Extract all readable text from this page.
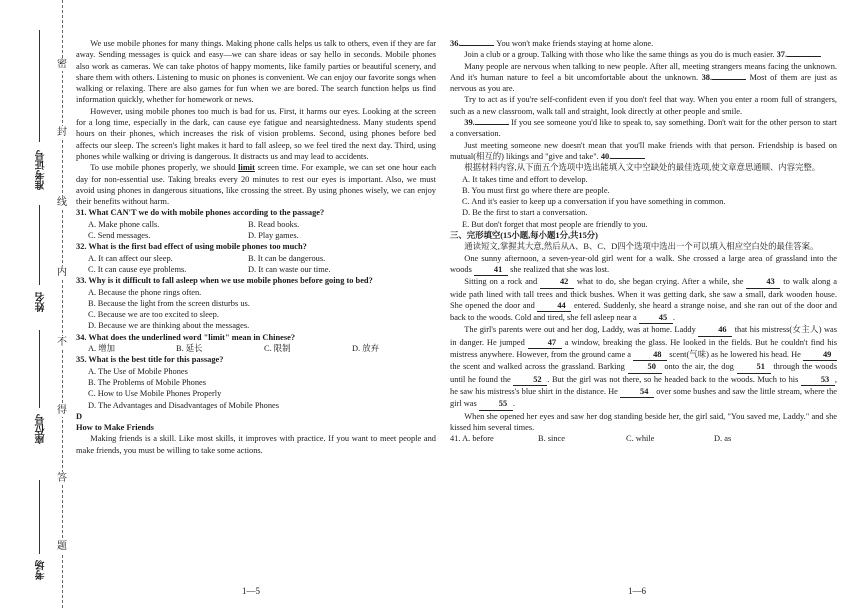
密
封
线
内
不
得
答
题
准考证号
姓名
座位号
考场

We use mobile phones for many things. Making phone calls helps us talk to others, even if they are far away. Sending messages is quick and easy—we can share ideas or say hello in seconds. Mobile phones also work as cameras. We can take photos of happy moments, like family parties or beautiful scenery, and share them with others. Listening to music on phones is convenient. We can enjoy our favorite songs when walking or relaxing. There are also games for fun when we are bored. The search function helps us find information quickly, whether for homework or news.

However, using mobile phones too much is bad for us. First, it harms our eyes. Looking at the screen for a long time, especially in the dark, can cause eye fatigue and nearsightedness. Many students spend hours on their phones, which increases the risk of vision problems. Second, using phones before bed affects our sleep. The screen's light makes it hard to fall asleep, so we feel tired the next day. Third, using phones while walking or driving is dangerous. It distracts us and may lead to accidents.

To use mobile phones properly, we should limit screen time. For example, we can set one hour each day for non-essential use. Taking breaks every 20 minutes to rest our eyes is important. Also, we must avoid using phones in dangerous situations, like crossing the street. By using phones wisely, we can enjoy their benefits without harm.

31. What CAN'T we do with mobile phones according to the passage?

A. Make phone calls.	B. Read books.
C. Send messages.	D. Play games.

32. What is the first bad effect of using mobile phones too much?

A. It can affect our sleep.	B. It can be dangerous.
C. It can cause eye problems.	D. It can waste our time.

33. Why is it difficult to fall asleep when we use mobile phones before going to bed?

A. Because the phone rings often.
B. Because the light from the screen disturbs us.
C. Because we are too excited to sleep.
D. Because we are thinking about the messages.

34. What does the underlined word "limit" mean in Chinese?

A. 增加	B. 延长	C. 限制	D. 放弃

35. What is the best title for this passage?

A. The Use of Mobile Phones
B. The Problems of Mobile Phones
C. How to Use Mobile Phones Properly
D. The Advantages and Disadvantages of Mobile Phones

D

How to Make Friends

Making friends is a skill. Like most skills, it improves with practice. If you want to meet people and make friends, you must be willing to take some actions.

36.	You won't make friends staying at home alone.

Join a club or a group. Talking with those who like the same things as you do is much easier. 37.

Many people are nervous when talking to new people. After all, meeting strangers means facing the unknown. And it's human nature to feel a bit uncomfortable about the unknown. 38.	Most of them are just as nervous as you are.

Try to act as if you're self-confident even if you don't feel that way. When you enter a room full of strangers, such as a new classroom, walk tall and straight, look directly at other people and smile.

39.	If you see someone you'd like to speak to, say something. Don't wait for the other person to start a conversation.

Just meeting someone new doesn't mean that you'll make friends with that person. Friendship is based on mutual(相互的) likings and "give and take". 40.

根据材料内容,从下面五个选项中选出能填入文中空缺处的最佳选项,使文章意思通顺、内容完整。

A. It takes time and effort to develop.
B. You must first go where there are people.
C. And it's easier to keep up a conversation if you have something in common.
D. Be the first to start a conversation.
E. But don't forget that most people are friendly to you.

三、完形填空(15小题,每小题1分,共15分)

通读短文,掌握其大意,然后从A、B、C、D四个选项中选出一个可以填入相应空白处的最佳答案。

One sunny afternoon, a seven-year-old girl went for a walk. She crossed a large area of grassland into the woods 41 she realized that she was lost.

Sitting on a rock and 42 what to do, she began crying. After a while, she 43 to walk along a wide path lined with tall trees and thick bushes. When it was getting dark, she saw a small, dark wooden house. She opened the door and 44 entered. Suddenly, she heard a strange noise, and she ran out of the door and back to the woods. Cold and tired, she fell asleep near a 45 .

The girl's parents were out and her dog, Laddy, was at home. Laddy 46 that his mistress(女主人) was in danger. He jumped 47 a window, breaking the glass. He looked in the fields. But he couldn't find his mistress anywhere. However, from the ground came a 48 scent(气味) as he lowered his head. He 49 the scent and walked across the grassland. Barking 50 onto the air, the dog 51 through the woods until he found the 52 . But the girl was not there, so he headed back to the woods. Much to his 53 , he saw his mistress's blue shirt in the distance. He 54 over some bushes and saw the little stream, where the girl was 55 .

When she opened her eyes and saw her dog standing beside her, the girl said, "You saved me, Laddy." and she kissed him several times.

41. A. before	B. since	C. while	D. as
1—5	1—6
